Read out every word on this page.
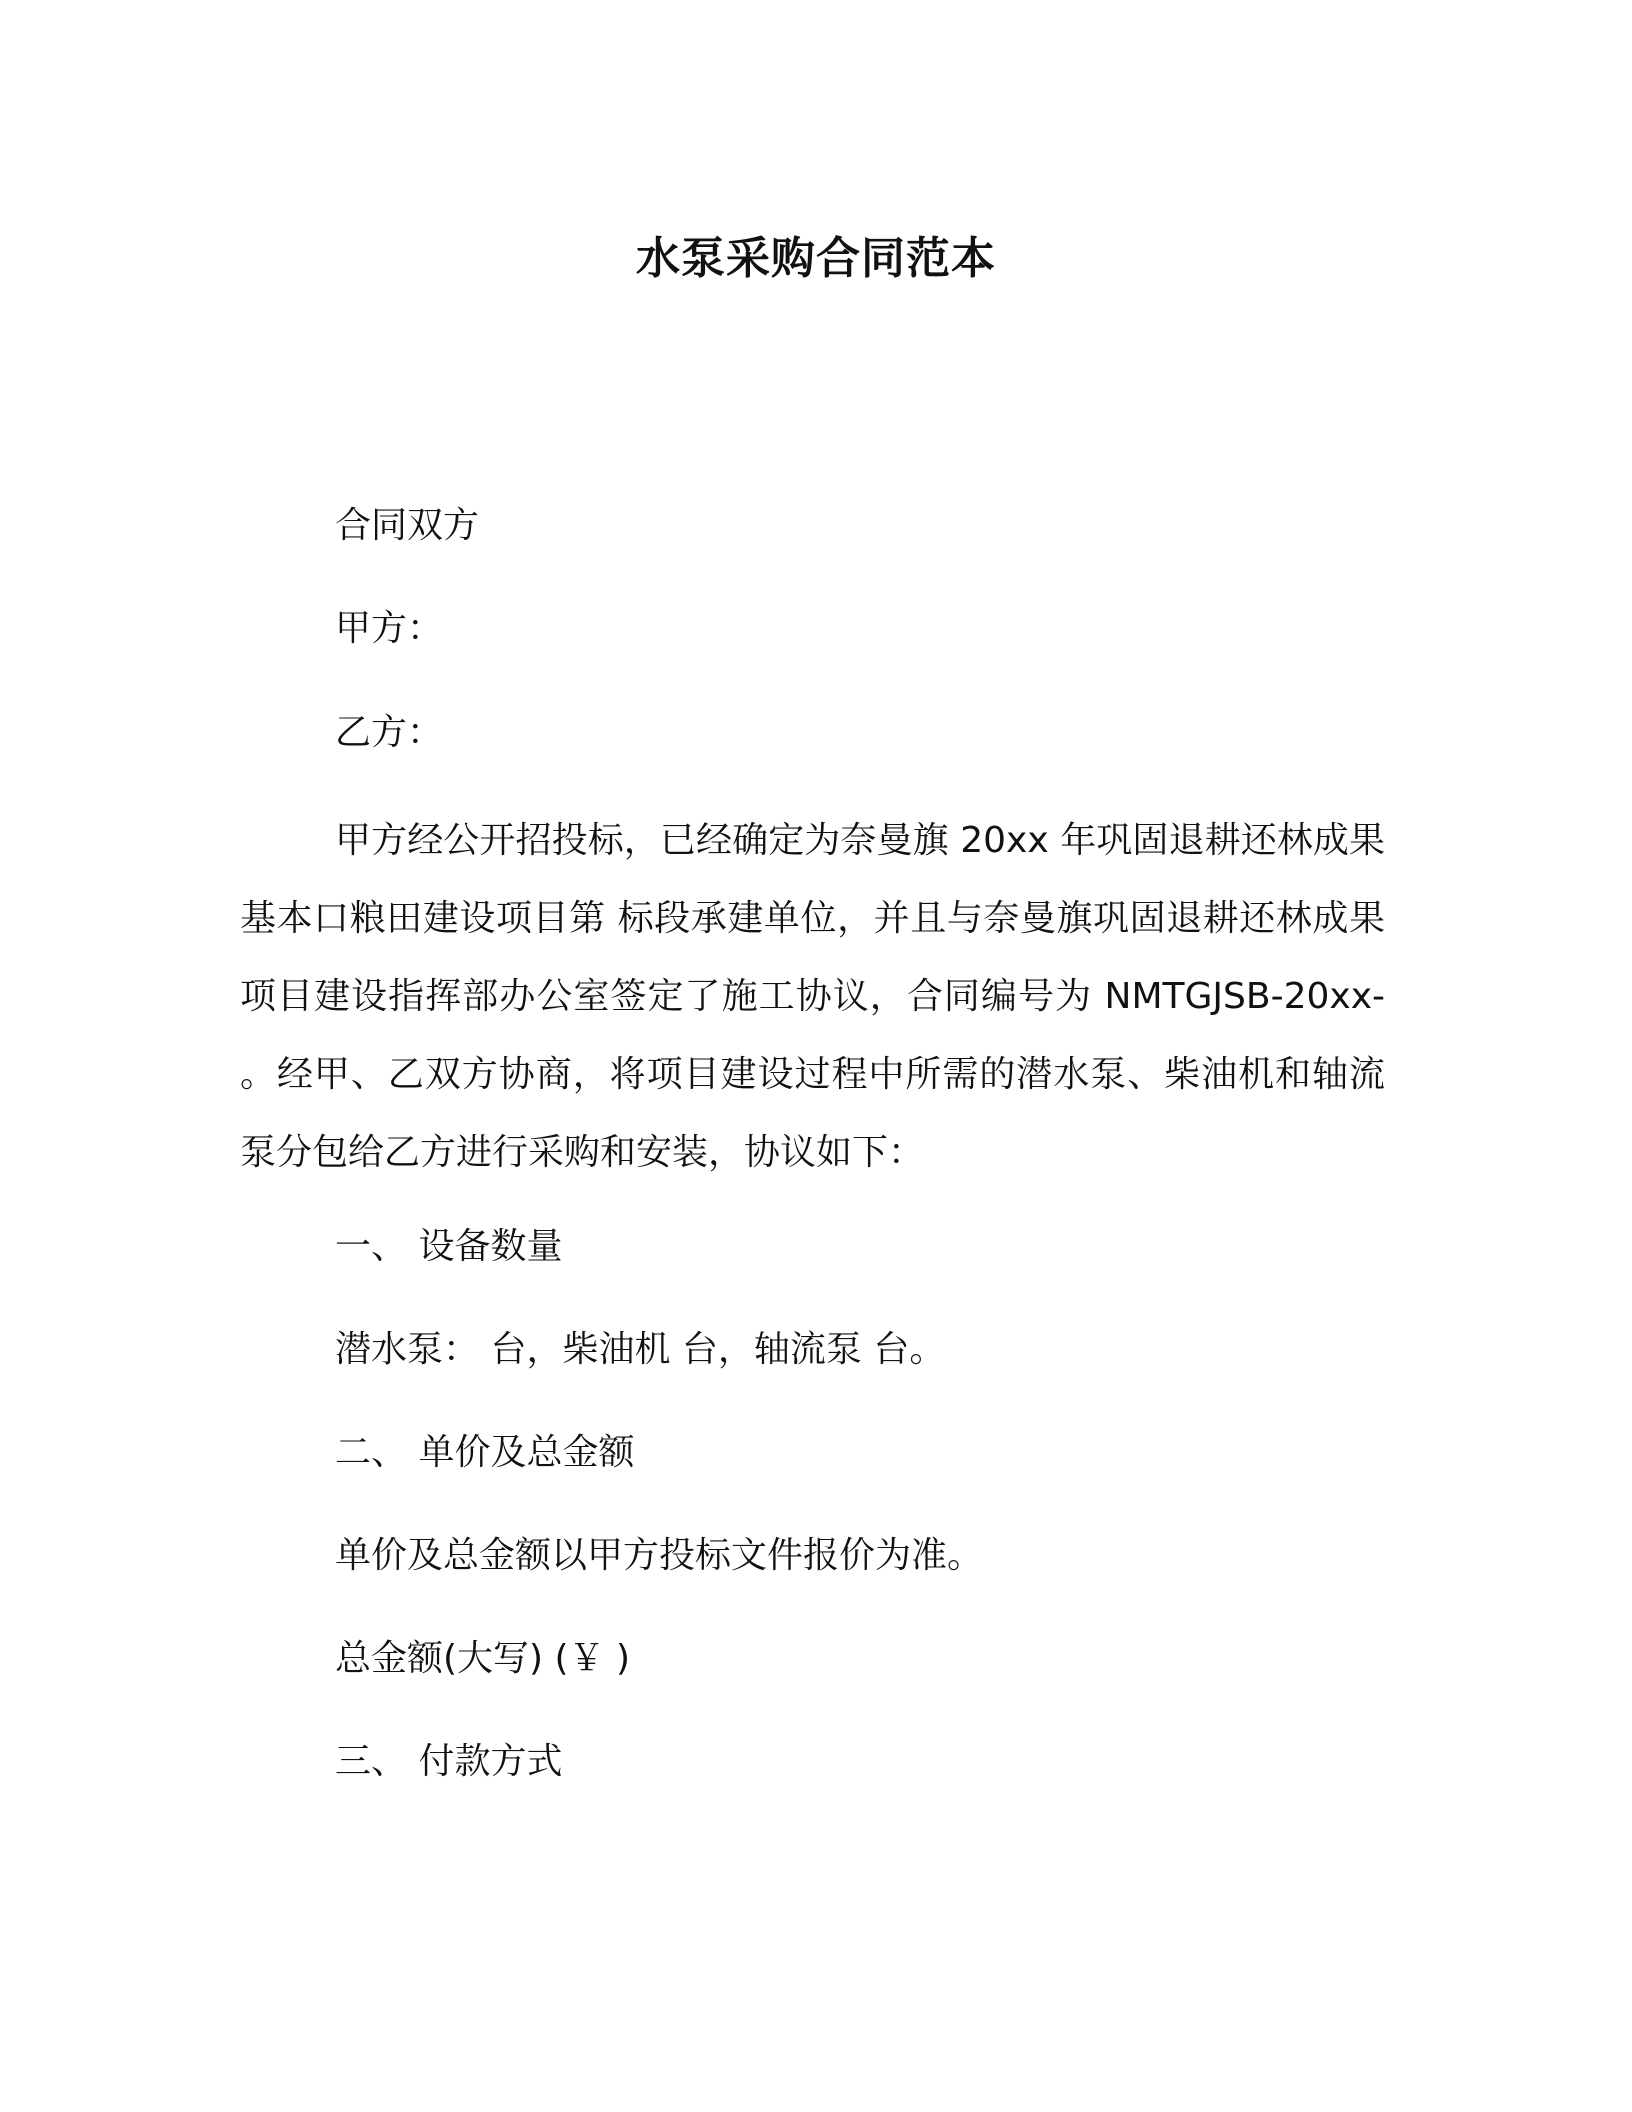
水泵采购合同范本
合同双方
甲方：
乙方：
甲方经公开招投标，已经确定为奈曼旗 20xx 年巩固退耕还林成果基本口粮田建设项目第 标段承建单位，并且与奈曼旗巩固退耕还林成果项目建设指挥部办公室签定了施工协议，合同编号为 NMTGJSB-20xx- 。经甲、乙双方协商，将项目建设过程中所需的潜水泵、柴油机和轴流泵分包给乙方进行采购和安装，协议如下：
一、 设备数量
潜水泵： 台，柴油机 台，轴流泵 台。
二、 单价及总金额
单价及总金额以甲方投标文件报价为准。
总金额(大写) (￥ )
三、 付款方式
